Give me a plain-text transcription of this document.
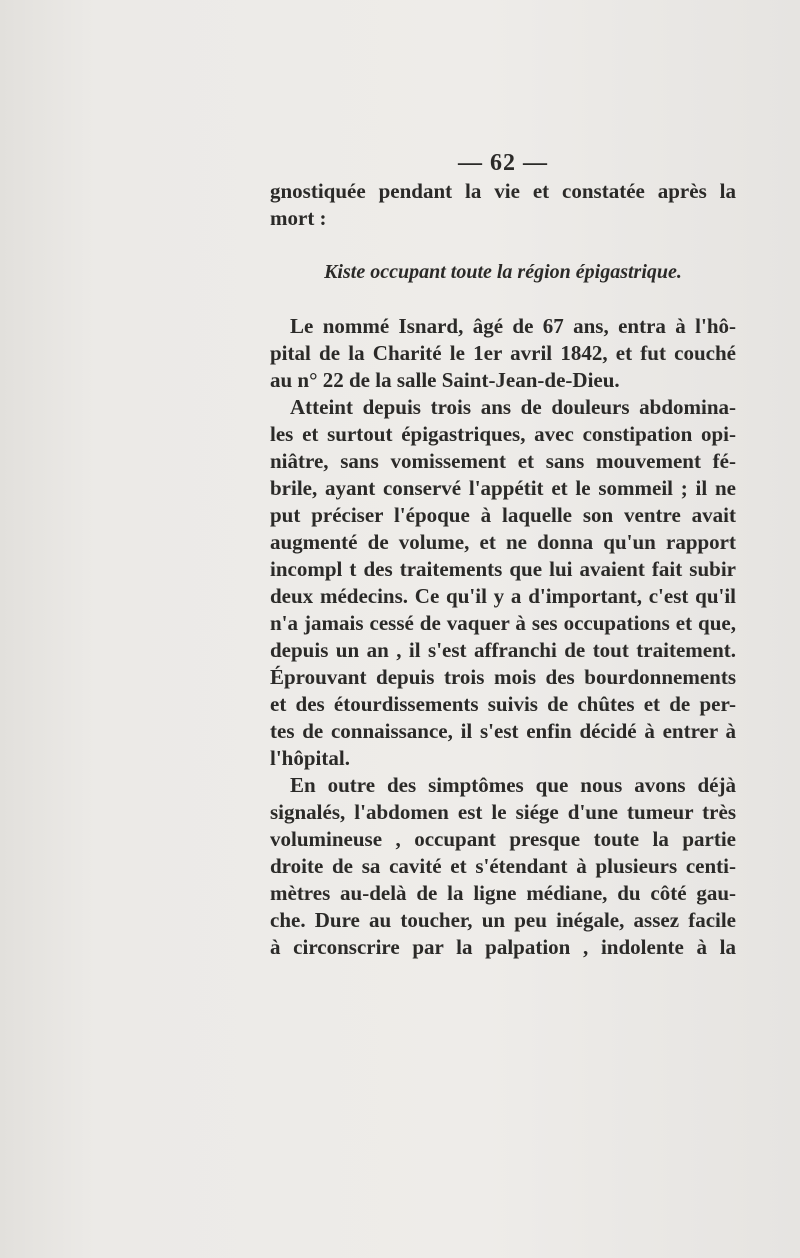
— 62 —
gnostiquée pendant la vie et constatée après la
mort :
Kiste occupant toute la région épigastrique.
Le nommé Isnard, âgé de 67 ans, entra à l'hô-
pital de la Charité le 1er avril 1842, et fut couché
au n° 22 de la salle Saint-Jean-de-Dieu.
Atteint depuis trois ans de douleurs abdomina-
les et surtout épigastriques, avec constipation opi-
niâtre, sans vomissement et sans mouvement fé-
brile, ayant conservé l'appétit et le sommeil ; il ne
put préciser l'époque à laquelle son ventre avait
augmenté de volume, et ne donna qu'un rapport
incompl t des traitements que lui avaient fait subir
deux médecins. Ce qu'il y a d'important, c'est qu'il
n'a jamais cessé de vaquer à ses occupations et que,
depuis un an , il s'est affranchi de tout traitement.
Éprouvant depuis trois mois des bourdonnements
et des étourdissements suivis de chûtes et de per-
tes de connaissance, il s'est enfin décidé à entrer à
l'hôpital.
En outre des simptômes que nous avons déjà
signalés, l'abdomen est le siége d'une tumeur très
volumineuse , occupant presque toute la partie
droite de sa cavité et s'étendant à plusieurs centi-
mètres au-delà de la ligne médiane, du côté gau-
che. Dure au toucher, un peu inégale, assez facile
à circonscrire par la palpation , indolente à la
